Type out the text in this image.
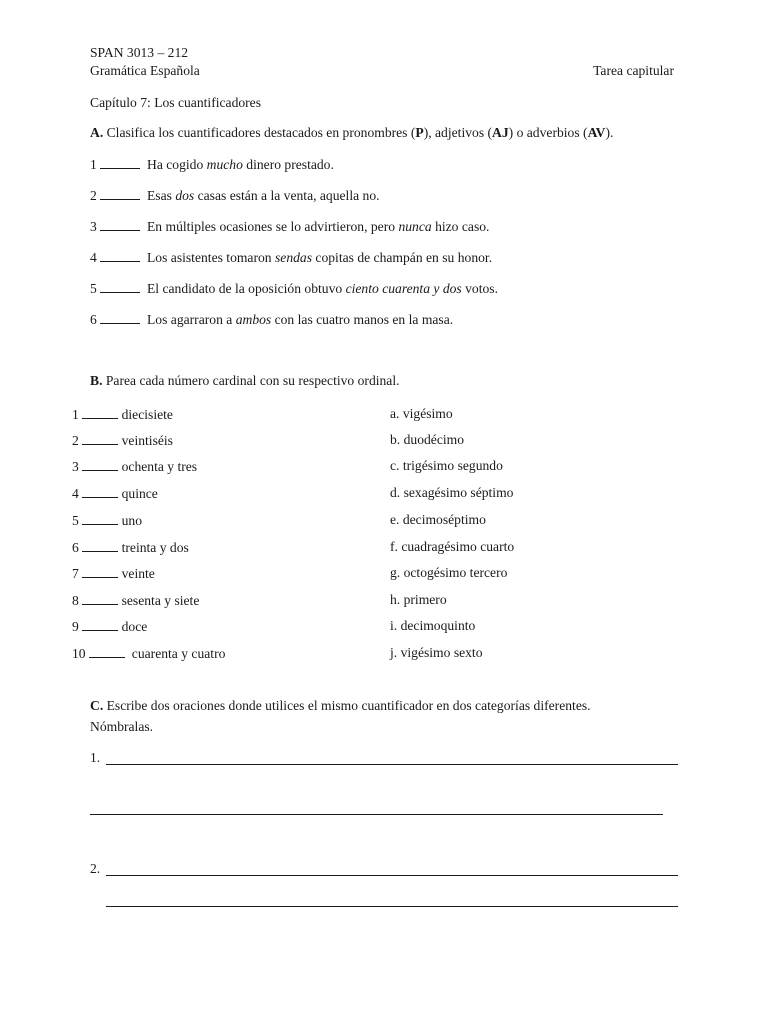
SPAN 3013 – 212
Gramática Española	Tarea capitular
Capítulo 7: Los cuantificadores
A. Clasifica los cuantificadores destacados en pronombres (P), adjetivos (AJ) o adverbios (AV).
1	Ha cogido mucho dinero prestado.
2	Esas dos casas están a la venta, aquella no.
3	En múltiples ocasiones se lo advirtieron, pero nunca hizo caso.
4	Los asistentes tomaron sendas copitas de champán en su honor.
5	El candidato de la oposición obtuvo ciento cuarenta y dos votos.
6	Los agarraron a ambos con las cuatro manos en la masa.
B. Parea cada número cardinal con su respectivo ordinal.
1	diecisiete
2	veintiséis
3	ochenta y tres
4	quince
5	uno
6	treinta y dos
7	veinte
8	sesenta y siete
9	doce
10	cuarenta y cuatro
a. vigésimo
b. duodécimo
c. trigésimo segundo
d. sexagésimo séptimo
e. decimoséptimo
f. cuadragésimo cuarto
g. octogésimo tercero
h. primero
i. decimoquinto
j. vigésimo sexto
C. Escribe dos oraciones donde utilices el mismo cuantificador en dos categorías diferentes.
Nómbralas.
1.
2.
